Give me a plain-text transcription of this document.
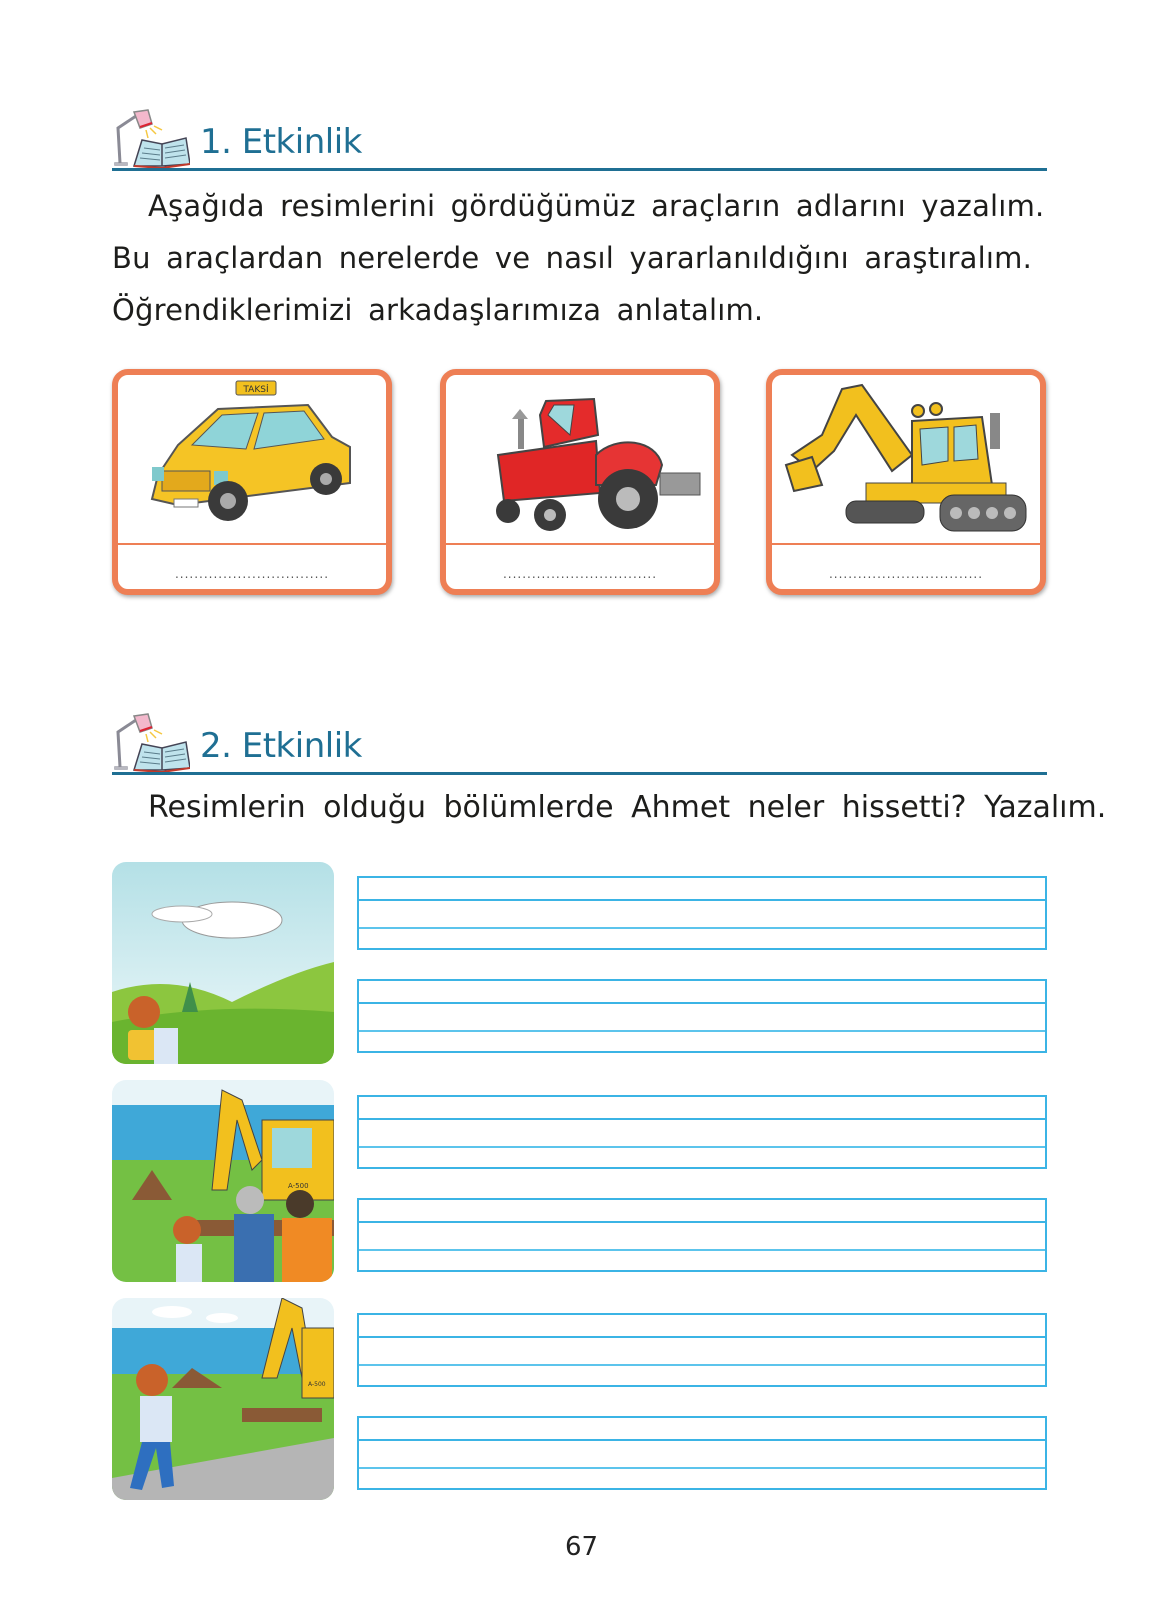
1. Etkinlik
Aşağıda resimlerini gördüğümüz araçların adlarını yazalım.
Bu araçlardan nerelerde ve nasıl yararlanıldığını araştıralım.
Öğrendiklerimizi arkadaşlarımıza anlatalım.
TAKSİ
................................	................................	................................
2. Etkinlik
Resimlerin olduğu bölümlerde Ahmet neler hissetti? Yazalım.
A-500
A-500
67
